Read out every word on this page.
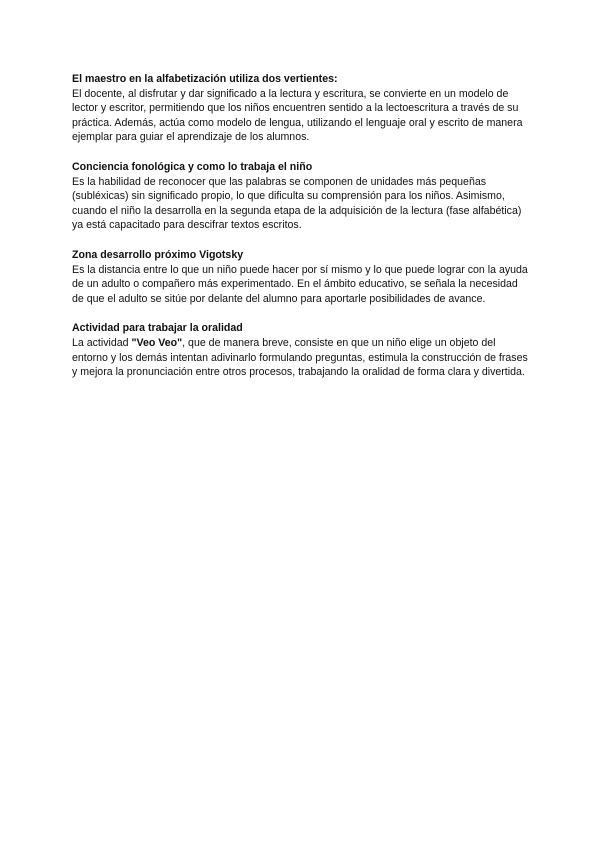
El maestro en la alfabetización utiliza dos vertientes:

El docente, al disfrutar y dar significado a la lectura y escritura, se convierte en un modelo de lector y escritor, permitiendo que los niños encuentren sentido a la lectoescritura a través de su práctica. Además, actúa como modelo de lengua, utilizando el lenguaje oral y escrito de manera ejemplar para guiar el aprendizaje de los alumnos.

Conciencia fonológica y como lo trabaja el niño

Es la habilidad de reconocer que las palabras se componen de unidades más pequeñas (subléxicas) sin significado propio, lo que dificulta su comprensión para los niños. Asimismo, cuando el niño la desarrolla en la segunda etapa de la adquisición de la lectura (fase alfabética) ya está capacitado para descifrar textos escritos.

Zona desarrollo próximo Vigotsky

Es la distancia entre lo que un niño puede hacer por sí mismo y lo que puede lograr con la ayuda de un adulto o compañero más experimentado. En el ámbito educativo, se señala la necesidad de que el adulto se sitúe por delante del alumno para aportarle posibilidades de avance.

Actividad para trabajar la oralidad

La actividad "Veo Veo", que de manera breve, consiste en que un niño elige un objeto del entorno y los demás intentan adivinarlo formulando preguntas, estimula la construcción de frases y mejora la pronunciación entre otros procesos, trabajando la oralidad de forma clara y divertida.
